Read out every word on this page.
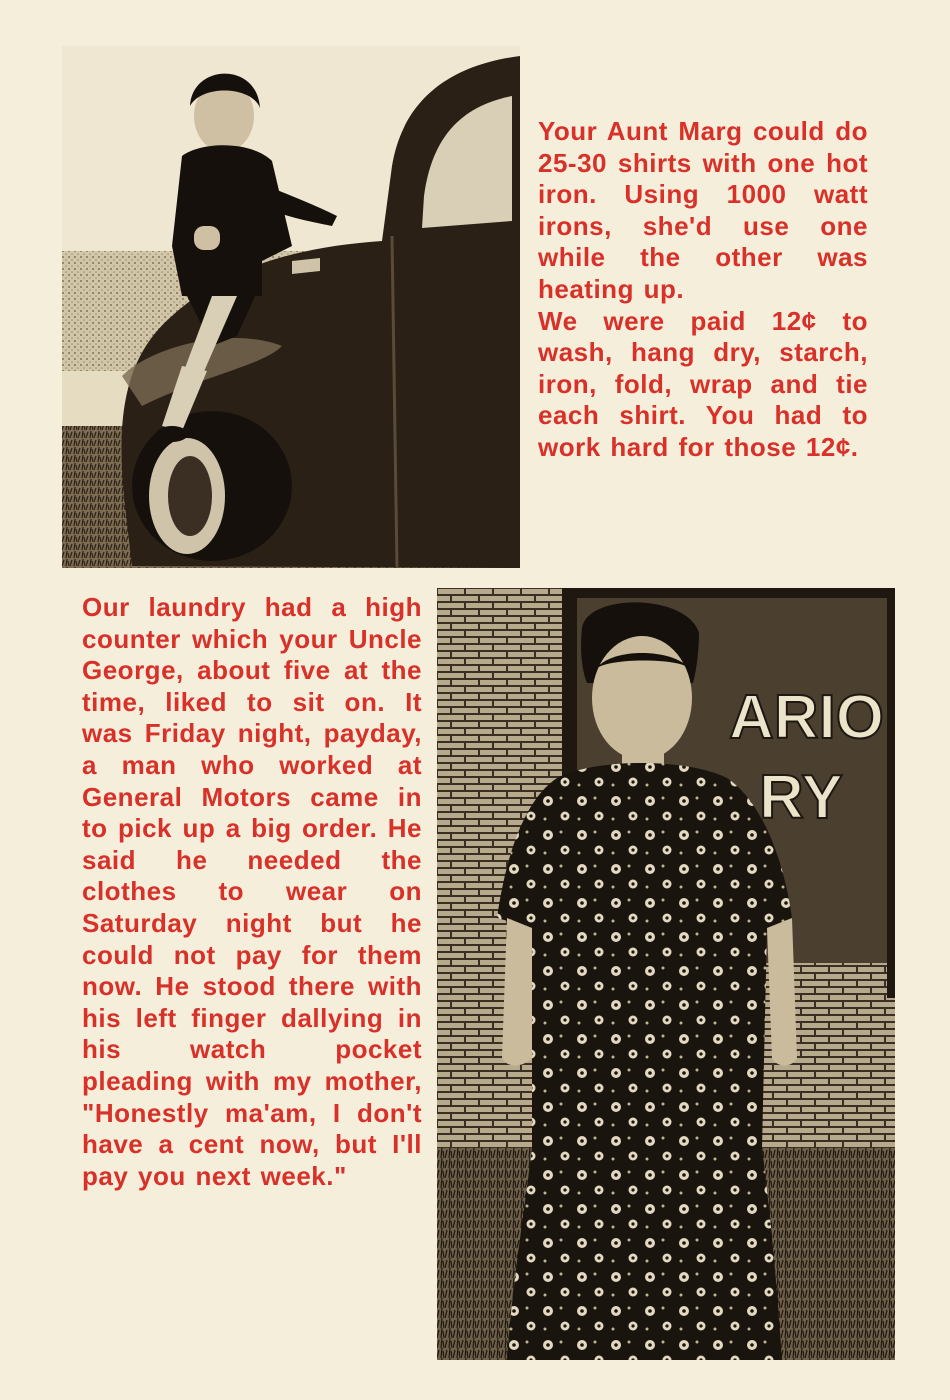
Your Aunt Marg could do 25-30 shirts with one hot iron. Using 1000 watt irons, she'd use one while the other was heating up.

We were paid 12¢ to wash, hang dry, starch, iron, fold, wrap and tie each shirt. You had to work hard for those 12¢.

Our laundry had a high counter which your Uncle George, about five at the time, liked to sit on. It was Friday night, payday, a man who worked at General Motors came in to pick up a big order. He said he needed the clothes to wear on Saturday night but he could not pay for them now. He stood there with his left finger dallying in his watch pocket pleading with my mother, "Honestly ma'am, I don't have a cent now, but I'll pay you next week."

ARIO
RY
